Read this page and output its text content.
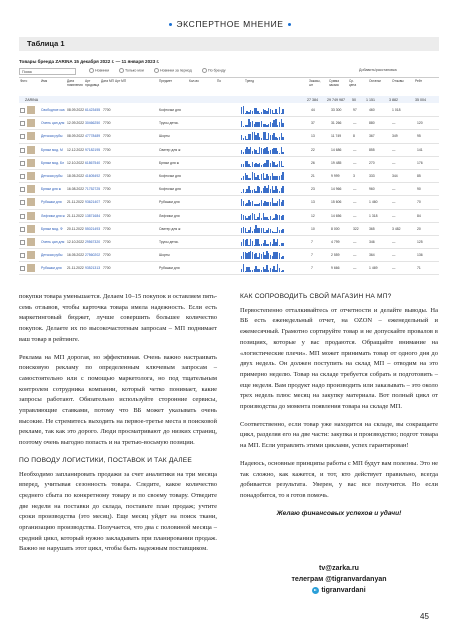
ЭКСПЕРТНОЕ МНЕНИЕ
Таблица 1
Товары бренда ZARINA 15 декабря 2022 г. — 11 января 2023 г.
Поиск	Новинки	Только мои	Новинки за период	По бренду	Добавить/расстановка
Фото	Имя	Дата появления
Арт продавца
Дата МП Арт МП	Предмет	Кол-во	По	Тренд	Заказы, шт
Сумма заказа
Ср. цена
Остатки	Отзывы	Рейт
ZARINA	27 384	29 749 987 50	1 151	3 882	35 004
Свободное ска 08.09.2022 61423455 7700	Кофточки для	44	33 300	97	460	1 018
Очень цан для 12.09.2022 30466250 7700	Трусы детск.	37	31 266	—	880	—	120
Детская рубы 08.09.2022 47778489 7700	Шорты	13	11 749	8	367	349	95
Брюки мод. М 12.12.2022 97182195 7700	Свитер для ж	22	14 686	—	855	—	141
Брюки мод. Бл 12.10.2022 61867540 7700	Брюки для ж	26	19 485	—	270	—	176
Детская рубы 18.05.2022 41605492 7700	Кофточки для	21	9 999	3	333	344	85
Брюки для ж 16.08.2022 71752725 7700	Кофточки для	23	14 966	—	960	—	90
Рубашки для 21.11.2022 93621407 7700	Рубашки для	13	15 606	—	1 460	—	70
Лифчики для ж 21.11.2022 13871684 7700	Лифчики для	12	14 656	—	1 318	—	84
Брюки мод. Ф 20.11.2022 55021493 7700	Свитер для ж	10	8 000	322	365	3 482	20
Очень цан для 12.10.2022 29567320 7700	Трусы детск.	7	4 799	—	346	—	125
Детская рубы 16.05.2022 27560202 7700	Шорты	7	2 559	—	364	—	136
Рубашки для 21.11.2022 93521313 7700	Рубашки для	7	9 666	—	1 469	—	71

покупки товара уменьшается. Делаем 10–15 покупок и оставляем пять-семь отзывов, чтобы карточка товара имела надежность. Если есть маркетинговый бюджет, лучше совершить большее количество покупок. Делаете их по высокочастотным запросам – МП поднимает ваш товар в рейтинге.

Реклама на МП дорогая, но эффективная. Очень важно настраивать поисковую рекламу по определенным ключевым запросам – самостоятельно или с помощью маркетолога, но под тщательным контролем сотрудника компании, который четко понимает, какие запросы работают. Обязательно используйте сторонние сервисы, управляющие ставками, потому что ВБ может указывать очень высокие. Не стремитесь выходить на первое-третье места в поисковой рекламе, так как это дорого. Люди просматривают до низких страниц, поэтому очень выгодно попасть и на третью-восьмую позиции.

ПО ПОВОДУ ЛОГИСТИКИ, ПОСТАВОК И ТАК ДАЛЕЕ

Необходимо запланировать продажи за счет аналитики на три месяца вперед, учитывая сезонность товара. Следите, какое количество среднего сбыта по конкретному товару и по своему товару. Отведите две недели на поставки до склада, поставьте план продаж; учтите сроки производства (это месяц). Еще месяц уйдет на поиск ткани, организацию производства. Получается, что два с половиной месяца – средний цикл, который нужно закладывать при планировании продаж. Важно не нарушать этот цикл, чтобы быть надежным поставщиком.

КАК СОПРОВОДИТЬ СВОЙ МАГАЗИН НА МП?

Первостепенно отталкивайтесь от отчетности и делайте выводы. На ВБ есть еженедельный отчет, на OZON – еженедельный и ежемесячный. Грамотно сортируйте товар и не допускайте провалов в позициях, которые у вас продаются. Обращайте внимание на «логистические плечи». МП может принимать товар от одного дня до двух недель. Он должен поступить на склад МП – отводим на это примерно неделю. Товар на складе требуется собрать и подготовить – еще неделя. Вам продукт надо производить или заказывать – это около трех недель плюс месяц на закупку материала. Вот полный цикл от производства до момента появления товара на складе МП.

Соответственно, если товар уже находится на складе, вы сокращаете цикл, разделяя его на две части: закупка и производство; подгот товара на МП. Если управлять этими циклами, успех гарантирован!

Надеюсь, основные принципы работы с МП будут вам полезны. Это не так сложно, как кажется, и тот, кто действует правильно, всегда добивается результата. Уверен, у вас все получится. Но если понадобится, то я готов помочь.

Желаю финансовых успехов и удачи!

tv@zarka.ru
телеграм @tigranvardanyan
tigranvardani
45
